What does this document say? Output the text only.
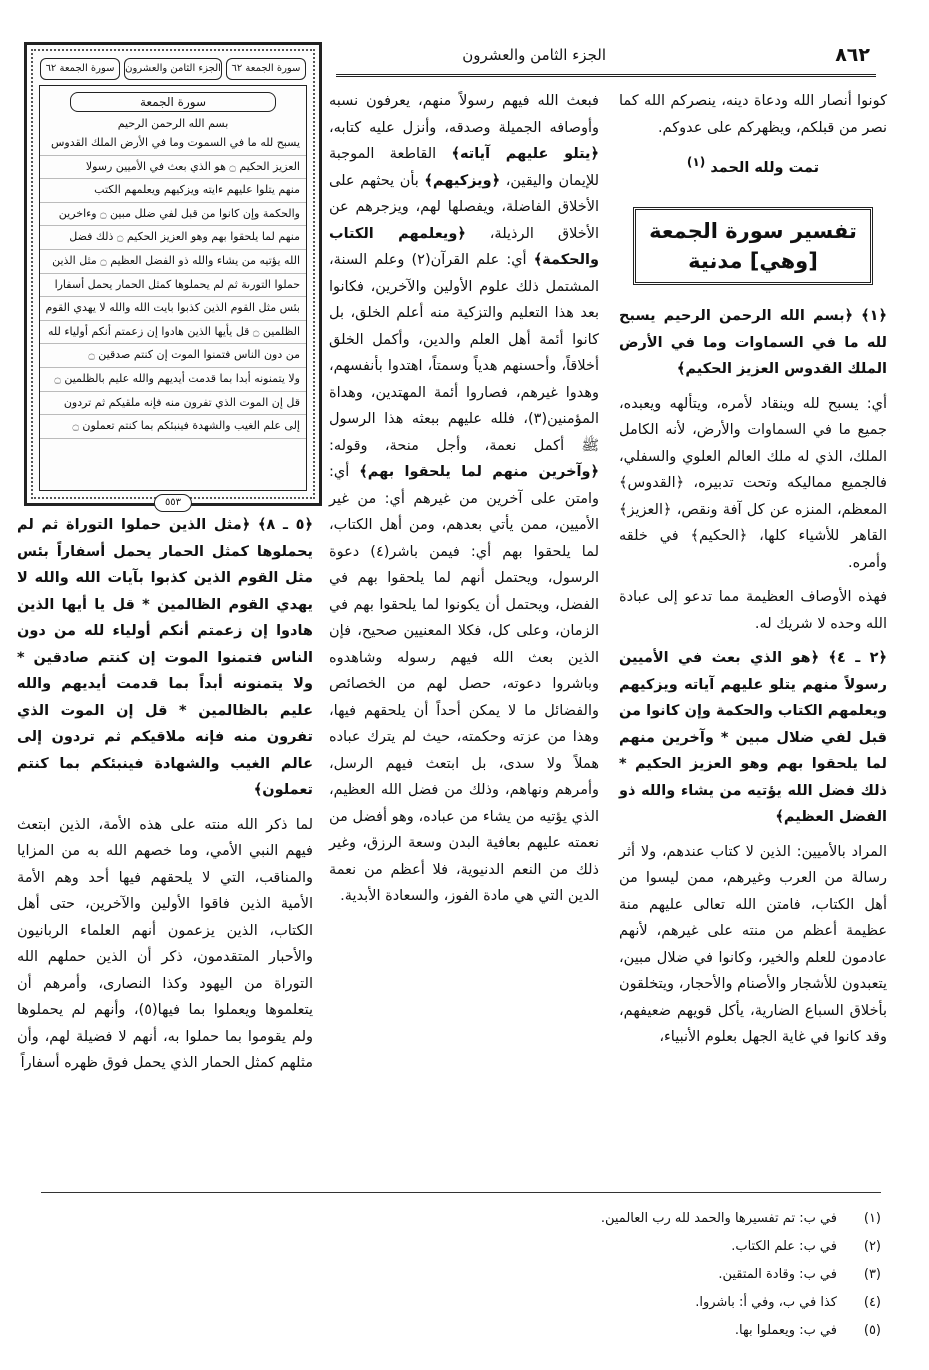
٨٦٢
الجزء الثامن والعشرون

كونوا أنصار الله ودعاة دينه، ينصركم الله كما نصر من قبلكم، ويظهركم على عدوكم.

تمت ولله الحمد $^{(١)}$
تفسير سورة الجمعة
[وهي] مدنية

﴿١﴾ ﴿بسم الله الرحمن الرحيم يسبح لله ما في السماوات وما في الأرض الملك القدوس العزيز الحكيم﴾

أي: يسبح لله وينقاد لأمره، ويتألهه ويعبده، جميع ما في السماوات والأرض، لأنه الكامل الملك، الذي له ملك العالم العلوي والسفلي، فالجميع مماليكه وتحت تدبيره، ﴿القدوس﴾ المعظم، المنزه عن كل آفة ونقص، ﴿العزيز﴾ القاهر للأشياء كلها، ﴿الحكيم﴾ في خلقه وأمره.

فهذه الأوصاف العظيمة مما تدعو إلى عبادة الله وحده لا شريك له.

﴿٢ ـ ٤﴾ ﴿هو الذي بعث في الأميين رسولاً منهم يتلو عليهم آياته ويزكيهم ويعلمهم الكتاب والحكمة وإن كانوا من قبل لفي ضلال مبين * وآخرين منهم لما يلحقوا بهم وهو العزيز الحكيم * ذلك فضل الله يؤتيه من يشاء والله ذو الفضل العظيم﴾

المراد بالأميين: الذين لا كتاب عندهم، ولا أثر رسالة من العرب وغيرهم، ممن ليسوا من أهل الكتاب، فامتن الله تعالى عليهم منة عظيمة أعظم من منته على غيرهم، لأنهم عادمون للعلم والخير، وكانوا في ضلال مبين، يتعبدون للأشجار والأصنام والأحجار، ويتخلقون بأخلاق السباع الضارية، يأكل قويهم ضعيفهم، وقد كانوا في غاية الجهل بعلوم الأنبياء،

فبعث الله فيهم رسولاً منهم، يعرفون نسبه وأوصافه الجميلة وصدقه، وأنزل عليه كتابه، ﴿يتلو عليهم آياته﴾ القاطعة الموجبة للإيمان واليقين، ﴿ويزكيهم﴾ بأن يحثهم على الأخلاق الفاضلة، ويفصلها لهم، ويزجرهم عن الأخلاق الرذيلة، ﴿ويعلمهم الكتاب والحكمة﴾ أي: علم القرآن(٢) وعلم السنة، المشتمل ذلك علوم الأولين والآخرين، فكانوا بعد هذا التعليم والتزكية منه أعلم الخلق، بل كانوا أئمة أهل العلم والدين، وأكمل الخلق أخلاقاً، وأحسنهم هدياً وسمتاً، اهتدوا بأنفسهم، وهدوا غيرهم، فصاروا أئمة المهتدين، وهداة المؤمنين(٣)، فلله عليهم ببعثه هذا الرسول ﷺ أكمل نعمة، وأجل منحة، وقوله: ﴿وآخرين منهم لما يلحقوا بهم﴾ أي: وامتن على آخرين من غيرهم أي: من غير الأميين، ممن يأتي بعدهم، ومن أهل الكتاب، لما يلحقوا بهم أي: فيمن باشر(٤) دعوة الرسول، ويحتمل أنهم لما يلحقوا بهم في الفضل، ويحتمل أن يكونوا لما يلحقوا بهم في الزمان، وعلى كل، فكلا المعنيين صحيح، فإن الذين بعث الله فيهم رسوله وشاهدوه وباشروا دعوته، حصل لهم من الخصائص والفضائل ما لا يمكن أحداً أن يلحقهم فيها، وهذا من عزته وحكمته، حيث لم يترك عباده هملاً ولا سدى، بل ابتعث فيهم الرسل، وأمرهم ونهاهم، وذلك من فضل الله العظيم، الذي يؤتيه من يشاء من عباده، وهو أفضل من نعمته عليهم بعافية البدن وسعة الرزق، وغير ذلك من النعم الدنيوية، فلا أعظم من نعمة الدين التي هي مادة الفوز، والسعادة الأبدية.

سورة الجمعة ٦٢
الجزء الثامن والعشرون
سورة الجمعة ٦٢
سورة الجمعة
بسم الله الرحمن الرحيم
يسبح لله ما في السموت وما في الأرض الملك القدوس
العزيز الحكيم ۝ هو الذي بعث في الأميين رسولا
منهم يتلوا عليهم ءايته ويزكيهم ويعلمهم الكتب
والحكمة وإن كانوا من قبل لفي ضلل مبين ۝ وءاخرين
منهم لما يلحقوا بهم وهو العزيز الحكيم ۝ ذلك فضل
الله يؤتيه من يشاء والله ذو الفضل العظيم ۝ مثل الذين
حملوا التورىة ثم لم يحملوها كمثل الحمار يحمل أسفارا
بئس مثل القوم الذين كذبوا بايت الله والله لا يهدي القوم
الظلمين ۝ قل يأيها الذين هادوا إن زعمتم أنكم أولياء لله
من دون الناس فتمنوا الموت إن كنتم صدقين ۝
ولا يتمنونه أبدا بما قدمت أيديهم والله عليم بالظلمين ۝
قل إن الموت الذي تفرون منه فإنه ملقيكم ثم تردون
إلى علم الغيب والشهدة فينبئكم بما كنتم تعملون ۝
٥٥٣

﴿٥ ـ ٨﴾ ﴿مثل الذين حملوا التوراة ثم لم يحملوها كمثل الحمار يحمل أسفاراً بئس مثل القوم الذين كذبوا بآيات الله والله لا يهدي القوم الظالمين * قل يا أيها الذين هادوا إن زعمتم أنكم أولياء لله من دون الناس فتمنوا الموت إن كنتم صادقين * ولا يتمنونه أبداً بما قدمت أيديهم والله عليم بالظالمين * قل إن الموت الذي تفرون منه فإنه ملاقيكم ثم تردون إلى عالم الغيب والشهادة فينبئكم بما كنتم تعملون﴾

لما ذكر الله منته على هذه الأمة، الذين ابتعث فيهم النبي الأمي، وما خصهم الله به من المزايا والمناقب، التي لا يلحقهم فيها أحد وهم الأمة الأمية الذين فاقوا الأولين والآخرين، حتى أهل الكتاب، الذين يزعمون أنهم العلماء الربانيون والأحبار المتقدمون، ذكر أن الذين حملهم الله التوراة من اليهود وكذا النصارى، وأمرهم أن يتعلموها ويعملوا بما فيها(٥)، وأنهم لم يحملوها ولم يقوموا بما حملوا به، أنهم لا فضيلة لهم، وأن مثلهم كمثل الحمار الذي يحمل فوق ظهره أسفاراً

(١)
في ب: تم تفسيرها والحمد لله رب العالمين.
(٢)
في ب: علم الكتاب.
(٣)
في ب: وقادة المتقين.
(٤)
كذا في ب، وفي أ: باشروا.
(٥)
في ب: ويعملوا بها.
